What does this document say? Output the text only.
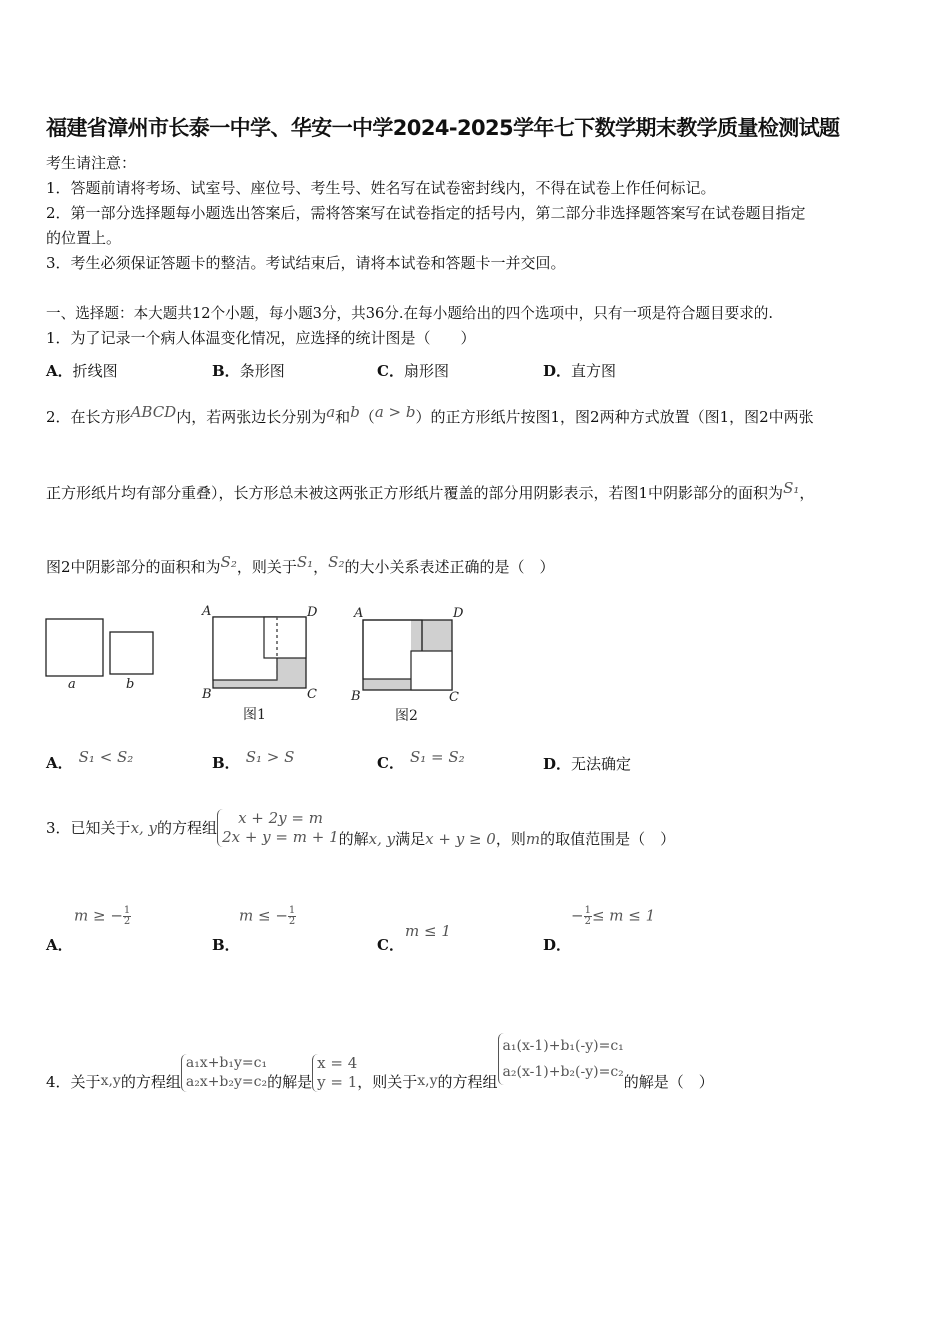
福建省漳州市长泰一中学、华安一中学2024-2025学年七下数学期末教学质量检测试题
考生请注意：
1．答题前请将考场、试室号、座位号、考生号、姓名写在试卷密封线内，不得在试卷上作任何标记。
2．第一部分选择题每小题选出答案后，需将答案写在试卷指定的括号内，第二部分非选择题答案写在试卷题目指定
的位置上。
3．考生必须保证答题卡的整洁。考试结束后，请将本试卷和答题卡一并交回。
一、选择题：本大题共12个小题，每小题3分，共36分.在每小题给出的四个选项中，只有一项是符合题目要求的.
1．为了记录一个病人体温变化情况，应选择的统计图是（　　）
A．折线图	B．条形图	C．扇形图	D．直方图
2．在长方形ABCD内，若两张边长分别为a和b（a > b）的正方形纸片按图1，图2两种方式放置（图1，图2中两张
正方形纸片均有部分重叠），长方形总未被这两张正方形纸片覆盖的部分用阴影表示，若图1中阴影部分的面积为S₁，
图2中阴影部分的面积和为S₂，则关于S₁，S₂的大小关系表述正确的是（　）
a	b
A	D
B	C
图1
A	D
B	C
图2
A． S₁ < S₂	B． S₁ > S	C． S₁ = S₂	D．无法确定
3． 已知关于 x, y 的方程组
x + 2y = m
2x + y = m + 1 的解 x, y 满足 x + y ≥ 0 ，则 m 的取值范围是（　）
A．
m ≥ − $\frac{1}{2}$
B．
m ≤ − $\frac{1}{2}$
C．
m ≤ 1
D．
− $\frac{1}{2} \le m \le 1$
4． 关于 x,y 的方程组
a₁x+b₁y=c₁
a₂x+b₂y=c₂ 的解是
x = 4
y = 1 ，则关于 x,y 的方程组
a₁(x-1)+b₁(-y)=c₁
a₂(x-1)+b₂(-y)=c₂
的解是（　）
